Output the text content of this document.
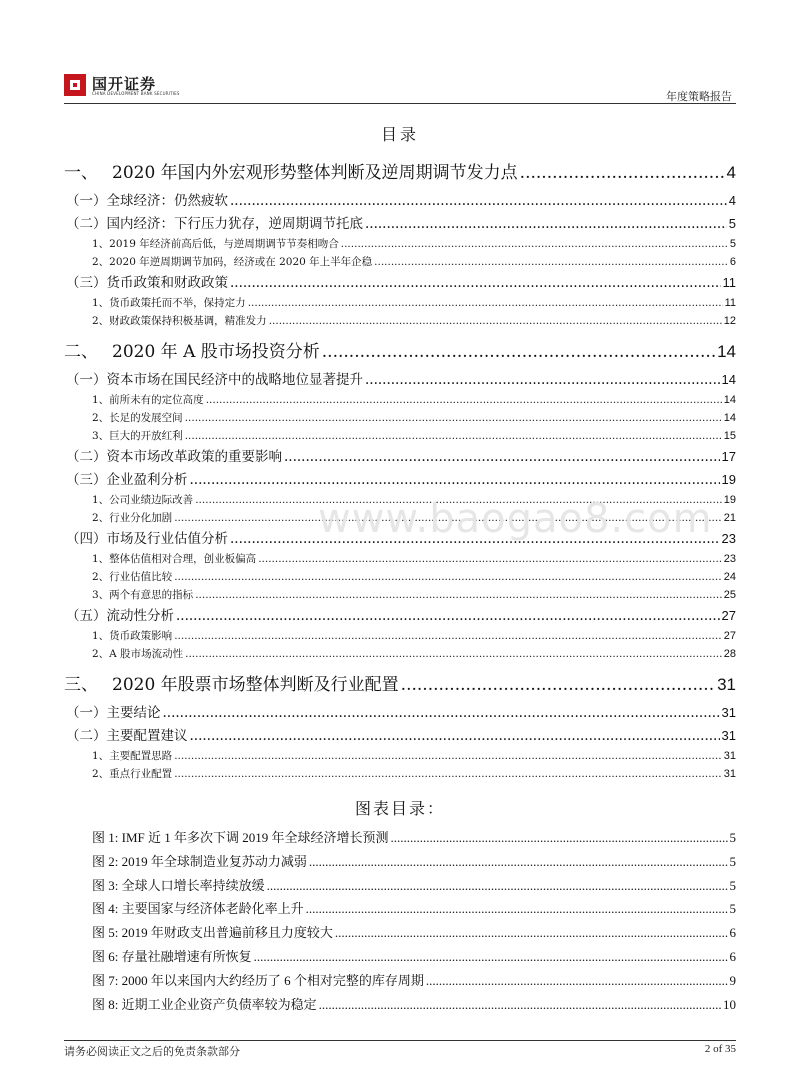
国开证券
CHINA DEVELOPMENT BANK SECURITIES	年度策略报告
目录
一、 2020 年国内外宏观形势整体判断及逆周期调节发力点 .....	4
（一）全球经济：仍然疲软 .....	4
（二）国内经济：下行压力犹存，逆周期调节托底 .....	5
1、2019 年经济前高后低，与逆周期调节节奏相吻合 .....	5
2、2020 年逆周期调节加码，经济或在 2020 年上半年企稳 .....	6
（三）货币政策和财政政策 .....	11
1、货币政策托而不举，保持定力 .....	11
2、财政政策保持积极基调，精准发力 .....	12
二、 2020 年 A 股市场投资分析 .....	14
（一）资本市场在国民经济中的战略地位显著提升 .....	14
1、前所未有的定位高度 .....	14
2、长足的发展空间 .....	14
3、巨大的开放红利 .....	15
（二）资本市场改革政策的重要影响 .....	17
（三）企业盈利分析 .....	19
1、公司业绩边际改善 .....	19
2、行业分化加剧 .....	21
（四）市场及行业估值分析 .....	23
1、整体估值相对合理，创业板偏高 .....	23
2、行业估值比较 .....	24
3、两个有意思的指标 .....	25
（五）流动性分析 .....	27
1、货币政策影响 .....	27
2、A 股市场流动性 .....	28
三、 2020 年股票市场整体判断及行业配置 .....	31
（一）主要结论 .....	31
（二）主要配置建议 .....	31
1、主要配置思路 .....	31
2、重点行业配置 .....	31
www.baogao8.com
图表目录：
图 1: IMF 近 1 年多次下调 2019 年全球经济增长预测 .....	5
图 2: 2019 年全球制造业复苏动力减弱 .....	5
图 3: 全球人口增长率持续放缓 .....	5
图 4: 主要国家与经济体老龄化率上升 .....	5
图 5: 2019 年财政支出普遍前移且力度较大 .....	6
图 6: 存量社融增速有所恢复 .....	6
图 7: 2000 年以来国内大约经历了 6 个相对完整的库存周期 .....	9
图 8: 近期工业企业资产负债率较为稳定 .....	10
请务必阅读正文之后的免责条款部分	2 of 35
